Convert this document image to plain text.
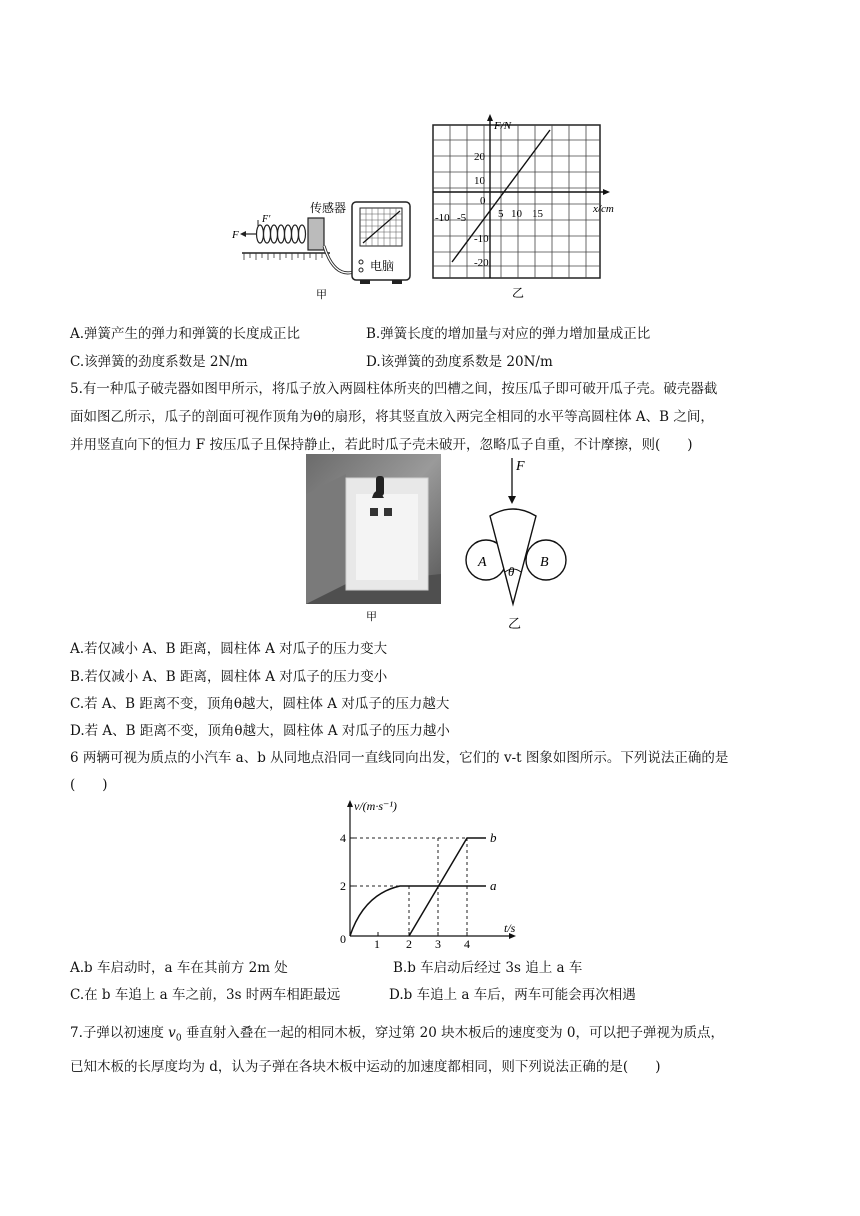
F
F′
传感器
电脑
甲
F/N
x/cm
20
10
0
-10
-20
-10 -5	5 10 15
乙
A.弹簧产生的弹力和弹簧的长度成正比	B.弹簧长度的增加量与对应的弹力增加量成正比
C.该弹簧的劲度系数是 2N/m	D.该弹簧的劲度系数是 20N/m
5.有一种瓜子破壳器如图甲所示，将瓜子放入两圆柱体所夹的凹槽之间，按压瓜子即可破开瓜子壳。破壳器截
面如图乙所示，瓜子的剖面可视作顶角为θ的扇形，将其竖直放入两完全相同的水平等高圆柱体 A、B 之间，
并用竖直向下的恒力 F 按压瓜子且保持静止，若此时瓜子壳未破开，忽略瓜子自重，不计摩擦，则(　　)
甲
F
A	B
θ
乙
A.若仅减小 A、B 距离，圆柱体 A 对瓜子的压力变大
B.若仅减小 A、B 距离，圆柱体 A 对瓜子的压力变小
C.若 A、B 距离不变，顶角θ越大，圆柱体 A 对瓜子的压力越大
D.若 A、B 距离不变，顶角θ越大，圆柱体 A 对瓜子的压力越小
6 两辆可视为质点的小汽车 a、b 从同地点沿同一直线同向出发，它们的 v-t 图象如图所示。下列说法正确的是
(　　)
v/(m·s⁻¹)
t/s
0
4
2
1 2 3 4
a
b
A.b 车启动时，a 车在其前方 2m 处	B.b 车启动后经过 3s 追上 a 车
C.在 b 车追上 a 车之前，3s 时两车相距最远	D.b 车追上 a 车后，两车可能会再次相遇
7.子弹以初速度 $v_0$ 垂直射入叠在一起的相同木板，穿过第 20 块木板后的速度变为 0，可以把子弹视为质点，
已知木板的长厚度均为 d，认为子弹在各块木板中运动的加速度都相同，则下列说法正确的是(　　)
